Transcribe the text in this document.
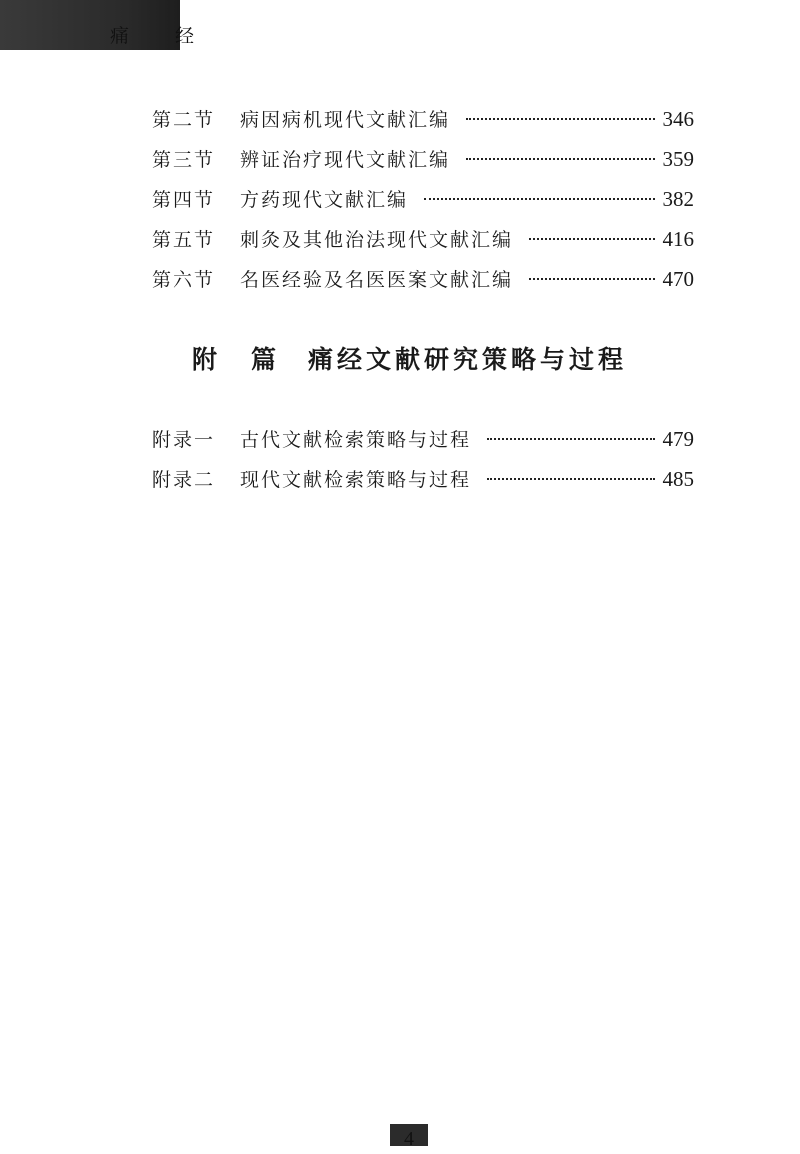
痛 经
第二节	病因病机现代文献汇编	346
第三节	辨证治疗现代文献汇编	359
第四节	方药现代文献汇编	382
第五节	刺灸及其他治法现代文献汇编	416
第六节	名医经验及名医医案文献汇编	470
附篇
痛经文献研究策略与过程
附录一	古代文献检索策略与过程	479
附录二	现代文献检索策略与过程	485
4
